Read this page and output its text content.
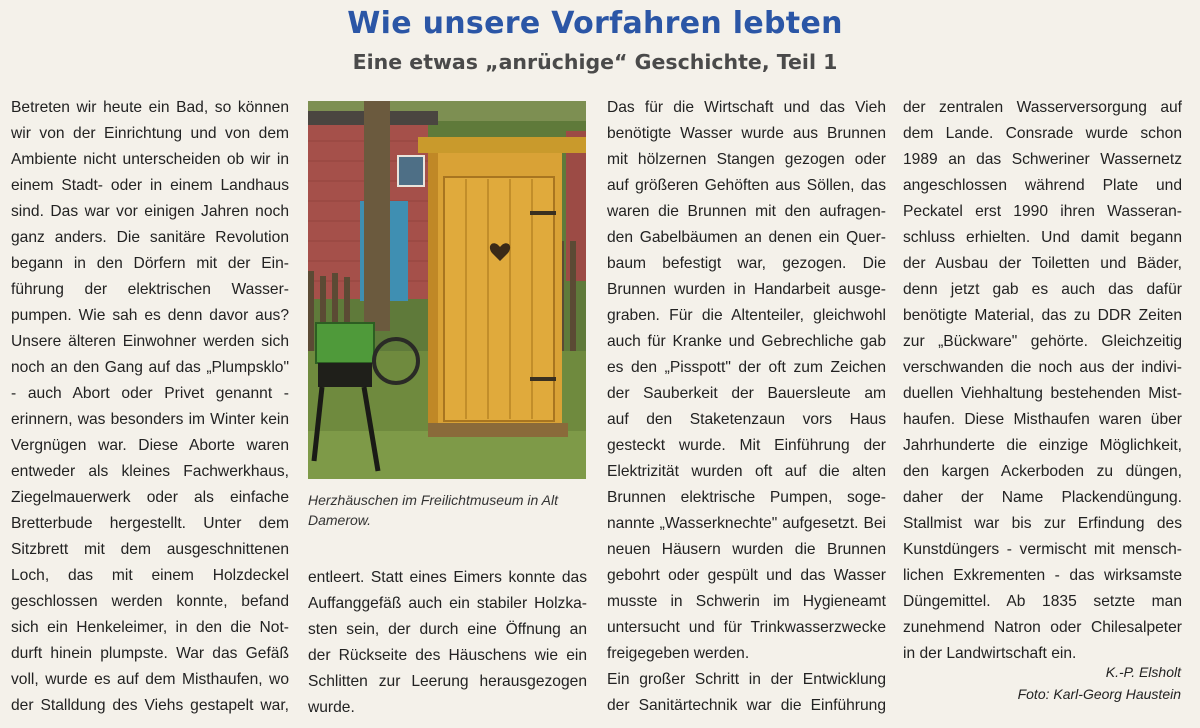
Wie unsere Vorfahren lebten
Eine etwas „anrüchige“ Geschichte, Teil 1
Betreten wir heute ein Bad, so können
wir von der Einrichtung und von dem
Ambiente nicht unterscheiden ob wir in
einem Stadt- oder in einem Landhaus
sind. Das war vor einigen Jahren noch
ganz anders. Die sanitäre Revolution
begann in den Dörfern mit der Ein-
führung der elektrischen Wasser-
pumpen. Wie sah es denn davor aus?
Unsere älteren Einwohner werden sich
noch an den Gang auf das „Plumpsklo"
- auch Abort oder Privet genannt -
erinnern, was besonders im Winter kein
Vergnügen war. Diese Aborte waren
entweder als kleines Fachwerkhaus,
Ziegelmauerwerk oder als einfache
Bretterbude hergestellt. Unter dem
Sitzbrett mit dem ausgeschnittenen
Loch, das mit einem Holzdeckel
geschlossen werden konnte, befand
sich ein Henkeleimer, in den die Not-
durft hinein plumpste. War das Gefäß
voll, wurde es auf dem Misthaufen, wo
der Stalldung des Viehs gestapelt war,
Herzhäuschen im Freilichtmuseum in Alt Damerow.
entleert. Statt eines Eimers konnte das
Auffanggefäß auch ein stabiler Holzka-
sten sein, der durch eine Öffnung an
der Rückseite des Häuschens wie ein
Schlitten zur Leerung herausgezogen
wurde.
Das für die Wirtschaft und das Vieh
benötigte Wasser wurde aus Brunnen
mit hölzernen Stangen gezogen oder
auf größeren Gehöften aus Söllen, das
waren die Brunnen mit den aufragen-
den Gabelbäumen an denen ein Quer-
baum befestigt war, gezogen. Die
Brunnen wurden in Handarbeit ausge-
graben. Für die Altenteiler, gleichwohl
auch für Kranke und Gebrechliche gab
es den „Pisspott" der oft zum Zeichen
der Sauberkeit der Bauersleute am
auf den Staketenzaun vors Haus
gesteckt wurde. Mit Einführung der
Elektrizität wurden oft auf die alten
Brunnen elektrische Pumpen, soge-
nannte „Wasserknechte" aufgesetzt. Bei
neuen Häusern wurden die Brunnen
gebohrt oder gespült und das Wasser
musste in Schwerin im Hygieneamt
untersucht und für Trinkwasserzwecke
freigegeben werden.
Ein großer Schritt in der Entwicklung
der Sanitärtechnik war die Einführung
der zentralen Wasserversorgung auf
dem Lande. Consrade wurde schon
1989 an das Schweriner Wassernetz
angeschlossen während Plate und
Peckatel erst 1990 ihren Wasseran-
schluss erhielten. Und damit begann
der Ausbau der Toiletten und Bäder,
denn jetzt gab es auch das dafür
benötigte Material, das zu DDR Zeiten
zur „Bückware" gehörte. Gleichzeitig
verschwanden die noch aus der indivi-
duellen Viehhaltung bestehenden Mist-
haufen. Diese Misthaufen waren über
Jahrhunderte die einzige Möglichkeit,
den kargen Ackerboden zu düngen,
daher der Name Plackendüngung.
Stallmist war bis zur Erfindung des
Kunstdüngers - vermischt mit mensch-
lichen Exkrementen - das wirksamste
Düngemittel. Ab 1835 setzte man
zunehmend Natron oder Chilesalpeter
in der Landwirtschaft ein.
K.-P. Elsholt
Foto: Karl-Georg Haustein
